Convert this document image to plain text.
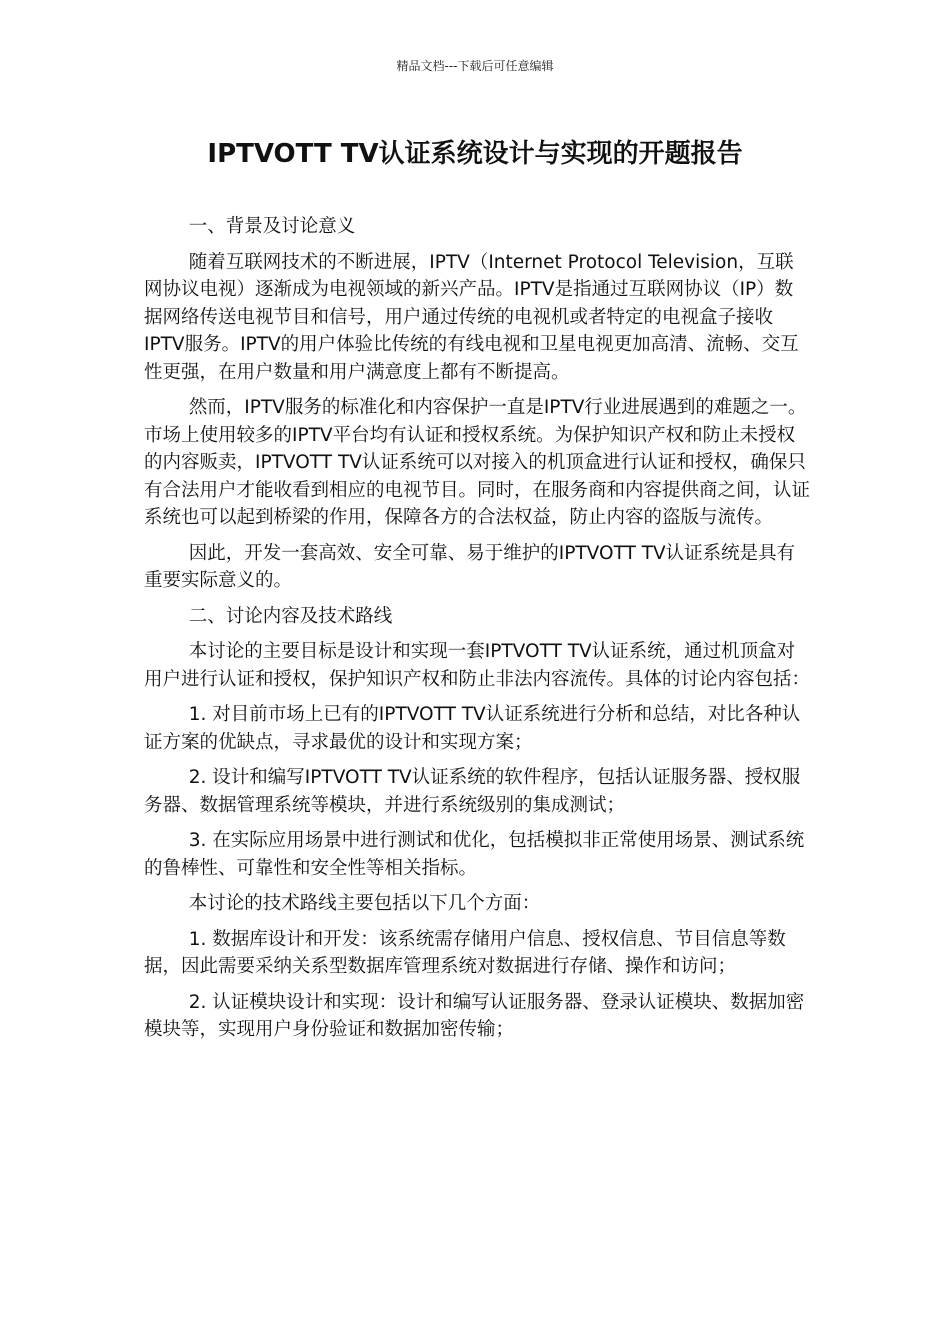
精品文档---下载后可任意编辑
IPTVOTT TV认证系统设计与实现的开题报告

一、背景及讨论意义

随着互联网技术的不断进展，IPTV（Internet Protocol Television，互联网协议电视）逐渐成为电视领域的新兴产品。IPTV是指通过互联网协议（IP）数据网络传送电视节目和信号，用户通过传统的电视机或者特定的电视盒子接收IPTV服务。IPTV的用户体验比传统的有线电视和卫星电视更加高清、流畅、交互性更强，在用户数量和用户满意度上都有不断提高。

然而，IPTV服务的标准化和内容保护一直是IPTV行业进展遇到的难题之一。市场上使用较多的IPTV平台均有认证和授权系统。为保护知识产权和防止未授权的内容贩卖，IPTVOTT TV认证系统可以对接入的机顶盒进行认证和授权，确保只有合法用户才能收看到相应的电视节目。同时，在服务商和内容提供商之间，认证系统也可以起到桥梁的作用，保障各方的合法权益，防止内容的盗版与流传。

因此，开发一套高效、安全可靠、易于维护的IPTVOTT TV认证系统是具有重要实际意义的。

二、讨论内容及技术路线

本讨论的主要目标是设计和实现一套IPTVOTT TV认证系统，通过机顶盒对用户进行认证和授权，保护知识产权和防止非法内容流传。具体的讨论内容包括：

1. 对目前市场上已有的IPTVOTT TV认证系统进行分析和总结，对比各种认证方案的优缺点，寻求最优的设计和实现方案；

2. 设计和编写IPTVOTT TV认证系统的软件程序，包括认证服务器、授权服务器、数据管理系统等模块，并进行系统级别的集成测试；

3. 在实际应用场景中进行测试和优化，包括模拟非正常使用场景、测试系统的鲁棒性、可靠性和安全性等相关指标。

本讨论的技术路线主要包括以下几个方面：

1. 数据库设计和开发：该系统需存储用户信息、授权信息、节目信息等数据，因此需要采纳关系型数据库管理系统对数据进行存储、操作和访问；

2. 认证模块设计和实现：设计和编写认证服务器、登录认证模块、数据加密模块等，实现用户身份验证和数据加密传输；
